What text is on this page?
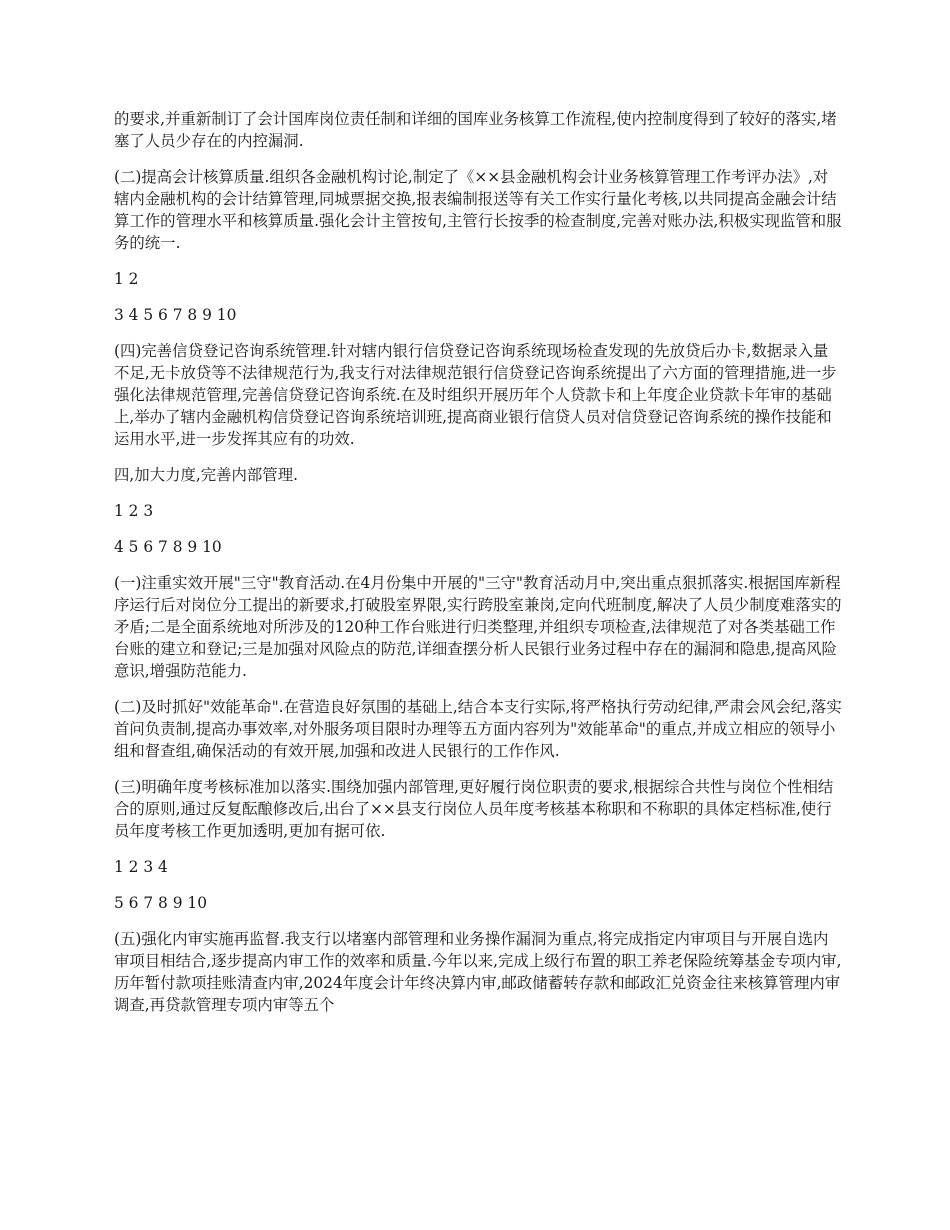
的要求,并重新制订了会计国库岗位责任制和详细的国库业务核算工作流程,使内控制度得到了较好的落实,堵塞了人员少存在的内控漏洞.

(二)提高会计核算质量.组织各金融机构讨论,制定了《××县金融机构会计业务核算管理工作考评办法》,对辖内金融机构的会计结算管理,同城票据交换,报表编制报送等有关工作实行量化考核,以共同提高金融会计结算工作的管理水平和核算质量.强化会计主管按旬,主管行长按季的检查制度,完善对账办法,积极实现监管和服务的统一.

1 2

3 4 5 6 7 8 9 10

(四)完善信贷登记咨询系统管理.针对辖内银行信贷登记咨询系统现场检查发现的先放贷后办卡,数据录入量不足,无卡放贷等不法律规范行为,我支行对法律规范银行信贷登记咨询系统提出了六方面的管理措施,进一步强化法律规范管理,完善信贷登记咨询系统.在及时组织开展历年个人贷款卡和上年度企业贷款卡年审的基础上,举办了辖内金融机构信贷登记咨询系统培训班,提高商业银行信贷人员对信贷登记咨询系统的操作技能和运用水平,进一步发挥其应有的功效.

四,加大力度,完善内部管理.

1 2 3

4 5 6 7 8 9 10

(一)注重实效开展"三守"教育活动.在4月份集中开展的"三守"教育活动月中,突出重点狠抓落实.根据国库新程序运行后对岗位分工提出的新要求,打破股室界限,实行跨股室兼岗,定向代班制度,解决了人员少制度难落实的矛盾;二是全面系统地对所涉及的120种工作台账进行归类整理,并组织专项检查,法律规范了对各类基础工作台账的建立和登记;三是加强对风险点的防范,详细查摆分析人民银行业务过程中存在的漏洞和隐患,提高风险意识,增强防范能力.

(二)及时抓好"效能革命".在营造良好氛围的基础上,结合本支行实际,将严格执行劳动纪律,严肃会风会纪,落实首问负责制,提高办事效率,对外服务项目限时办理等五方面内容列为"效能革命"的重点,并成立相应的领导小组和督查组,确保活动的有效开展,加强和改进人民银行的工作作风.

(三)明确年度考核标准加以落实.围绕加强内部管理,更好履行岗位职责的要求,根据综合共性与岗位个性相结合的原则,通过反复酝酿修改后,出台了××县支行岗位人员年度考核基本称职和不称职的具体定档标准,使行员年度考核工作更加透明,更加有据可依.

1 2 3 4

5 6 7 8 9 10

(五)强化内审实施再监督.我支行以堵塞内部管理和业务操作漏洞为重点,将完成指定内审项目与开展自选内审项目相结合,逐步提高内审工作的效率和质量.今年以来,完成上级行布置的职工养老保险统筹基金专项内审,历年暂付款项挂账清查内审,2024年度会计年终决算内审,邮政储蓄转存款和邮政汇兑资金往来核算管理内审调查,再贷款管理专项内审等五个
